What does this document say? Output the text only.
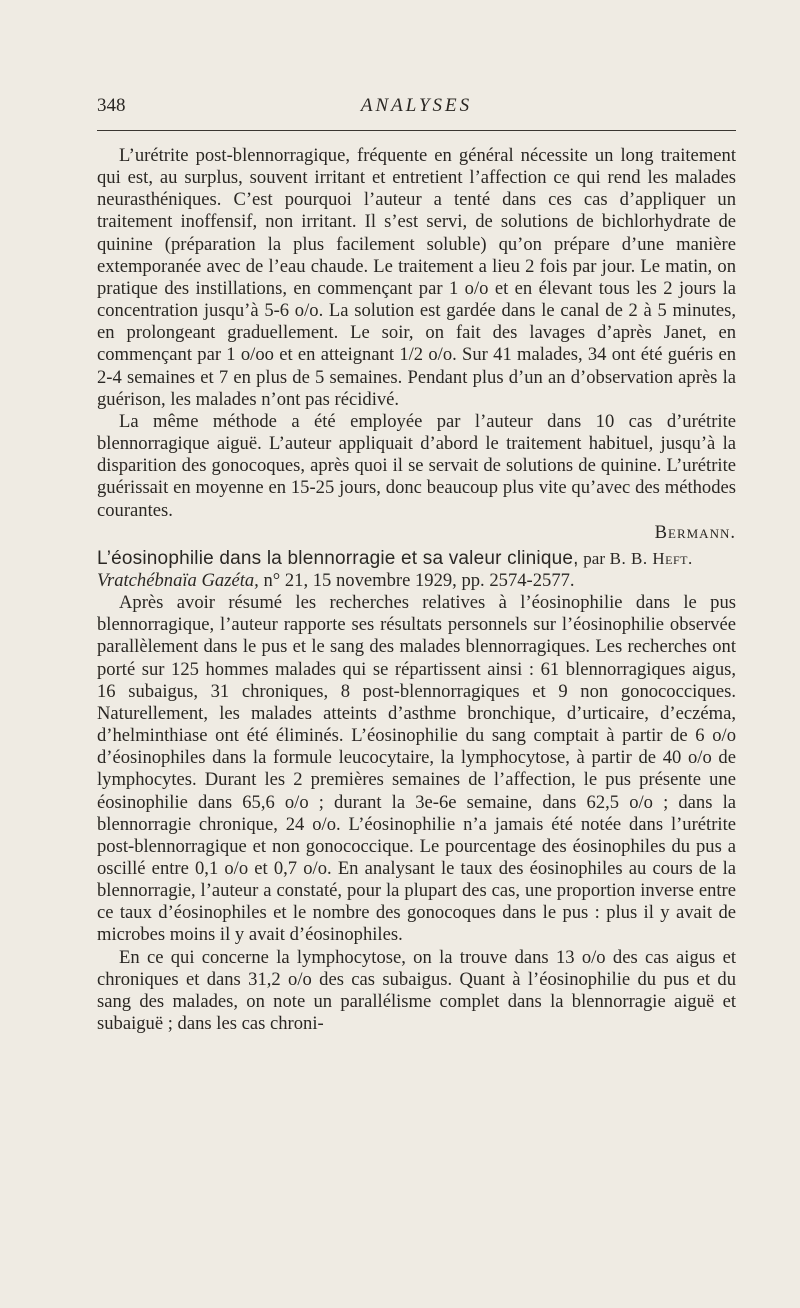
348	ANALYSES

L’urétrite post-blennorragique, fréquente en général nécessite un long traitement qui est, au surplus, souvent irritant et entretient l’affection ce qui rend les malades neurasthéniques. C’est pourquoi l’auteur a tenté dans ces cas d’appliquer un traitement inoffensif, non irritant. Il s’est servi, de solutions de bichlorhydrate de quinine (préparation la plus facilement soluble) qu’on prépare d’une manière extemporanée avec de l’eau chaude. Le traitement a lieu 2 fois par jour. Le matin, on pratique des instillations, en commençant par 1 o/o et en élevant tous les 2 jours la concentration jusqu’à 5-6 o/o. La solution est gardée dans le canal de 2 à 5 minutes, en prolongeant graduellement. Le soir, on fait des lavages d’après Janet, en commençant par 1 o/oo et en atteignant 1/2 o/o. Sur 41 malades, 34 ont été guéris en 2-4 semaines et 7 en plus de 5 semaines. Pendant plus d’un an d’observation après la guérison, les malades n’ont pas récidivé.

La même méthode a été employée par l’auteur dans 10 cas d’urétrite blennorragique aiguë. L’auteur appliquait d’abord le traitement habituel, jusqu’à la disparition des gonocoques, après quoi il se servait de solutions de quinine. L’urétrite guérissait en moyenne en 15-25 jours, donc beaucoup plus vite qu’avec des méthodes courantes.

Bermann.

L’éosinophilie dans la blennorragie et sa valeur clinique, par B. B. Heft.

Vratchébnaïa Gazéta, n° 21, 15 novembre 1929, pp. 2574-2577.

Après avoir résumé les recherches relatives à l’éosinophilie dans le pus blennorragique, l’auteur rapporte ses résultats personnels sur l’éosinophilie observée parallèlement dans le pus et le sang des malades blennorragiques. Les recherches ont porté sur 125 hommes malades qui se répartissent ainsi : 61 blennorragiques aigus, 16 subaigus, 31 chroniques, 8 post-blennorragiques et 9 non gonococciques. Naturellement, les malades atteints d’asthme bronchique, d’urticaire, d’eczéma, d’helminthiase ont été éliminés. L’éosinophilie du sang comptait à partir de 6 o/o d’éosinophiles dans la formule leucocytaire, la lymphocytose, à partir de 40 o/o de lymphocytes. Durant les 2 premières semaines de l’affection, le pus présente une éosinophilie dans 65,6 o/o ; durant la 3e-6e semaine, dans 62,5 o/o ; dans la blennorragie chronique, 24 o/o. L’éosinophilie n’a jamais été notée dans l’urétrite post-blennorragique et non gonococcique. Le pourcentage des éosinophiles du pus a oscillé entre 0,1 o/o et 0,7 o/o. En analysant le taux des éosinophiles au cours de la blennorragie, l’auteur a constaté, pour la plupart des cas, une proportion inverse entre ce taux d’éosinophiles et le nombre des gonocoques dans le pus : plus il y avait de microbes moins il y avait d’éosinophiles.

En ce qui concerne la lymphocytose, on la trouve dans 13 o/o des cas aigus et chroniques et dans 31,2 o/o des cas subaigus. Quant à l’éosinophilie du pus et du sang des malades, on note un parallélisme complet dans la blennorragie aiguë et subaiguë ; dans les cas chroni-
